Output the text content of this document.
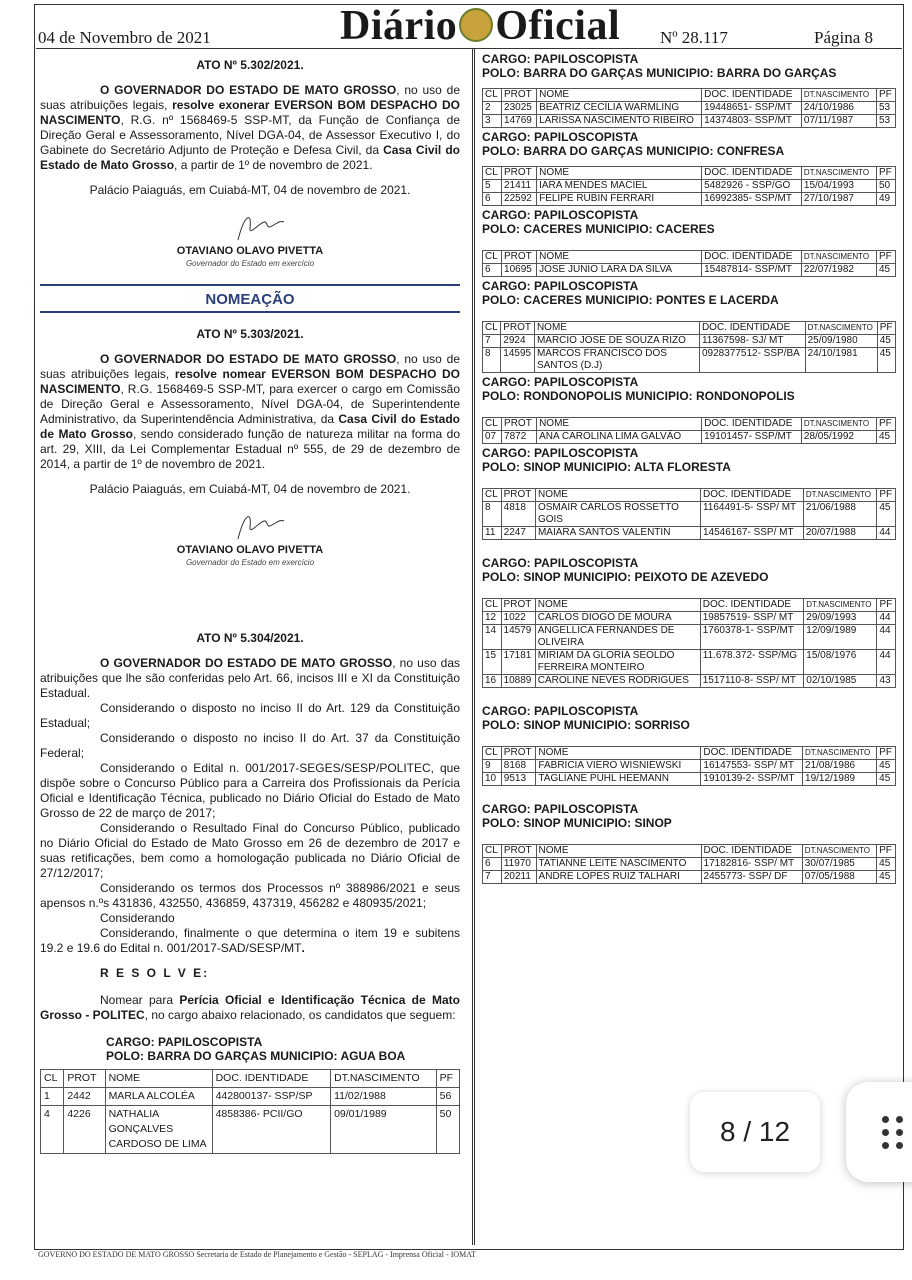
04 de Novembro de 2021	Diário Oficial Nº 28.117	Página 8
ATO Nº 5.302/2021.

O GOVERNADOR DO ESTADO DE MATO GROSSO, no uso de suas atribuições legais, resolve exonerar EVERSON BOM DESPACHO DO NASCIMENTO, R.G. nº 1568469-5 SSP-MT, da Função de Confiança de Direção Geral e Assessoramento, Nível DGA-04, de Assessor Executivo I, do Gabinete do Secretário Adjunto de Proteção e Defesa Civil, da Casa Civil do Estado de Mato Grosso, a partir de 1º de novembro de 2021.

Palácio Paiaguás, em Cuiabá-MT, 04 de novembro de 2021.
OTAVIANO OLAVO PIVETTA
Governador do Estado em exercício
NOMEAÇÃO
ATO Nº 5.303/2021.

O GOVERNADOR DO ESTADO DE MATO GROSSO, no uso de suas atribuições legais, resolve nomear EVERSON BOM DESPACHO DO NASCIMENTO, R.G. 1568469-5 SSP-MT, para exercer o cargo em Comissão de Direção Geral e Assessoramento, Nível DGA-04, de Superintendente Administrativo, da Superintendência Administrativa, da Casa Civil do Estado de Mato Grosso, sendo considerado função de natureza militar na forma do art. 29, XIII, da Lei Complementar Estadual nº 555, de 29 de dezembro de 2014, a partir de 1º de novembro de 2021.

Palácio Paiaguás, em Cuiabá-MT, 04 de novembro de 2021.
OTAVIANO OLAVO PIVETTA
Governador do Estado em exercício
ATO Nº 5.304/2021.

O GOVERNADOR DO ESTADO DE MATO GROSSO, no uso das atribuições que lhe são conferidas pelo Art. 66, incisos III e XI da Constituição Estadual.

Considerando o disposto no inciso II do Art. 129 da Constituição Estadual;

Considerando o disposto no inciso II do Art. 37 da Constituição Federal;

Considerando o Edital n. 001/2017-SEGES/SESP/POLITEC, que dispõe sobre o Concurso Público para a Carreira dos Profissionais da Perícia Oficial e Identificação Técnica, publicado no Diário Oficial do Estado de Mato Grosso de 22 de março de 2017;

Considerando o Resultado Final do Concurso Público, publicado no Diário Oficial do Estado de Mato Grosso em 26 de dezembro de 2017 e suas retificações, bem como a homologação publicada no Diário Oficial de 27/12/2017;

Considerando os termos dos Processos nº 388986/2021 e seus apensos n.ºs 431836, 432550, 436859, 437319, 456282 e 480935/2021;

Considerando

Considerando, finalmente o que determina o item 19 e subitens 19.2 e 19.6 do Edital n. 001/2017-SAD/SESP/MT.

R E S O L V E:

Nomear para Perícia Oficial e Identificação Técnica de Mato Grosso - POLITEC, no cargo abaixo relacionado, os candidatos que seguem:

CARGO: PAPILOSCOPISTA
POLO: BARRA DO GARÇAS MUNICIPIO: AGUA BOA
CL	PROT	NOME	DOC. IDENTIDADE	DT.NASCIMENTO	PF
1	2442	MARLA ALCOLÉA	442800137- SSP/SP	11/02/1988	56
4	4226	NATHALIA GONÇALVES CARDOSO DE LIMA	4858386- PCII/GO	09/01/1989	50
CARGO: PAPILOSCOPISTA
POLO: BARRA DO GARÇAS MUNICIPIO: BARRA DO GARÇAS
CL	PROT	NOME	DOC. IDENTIDADE	DT.NASCIMENTO	PF
2	23025	BEATRIZ CECÍLIA WARMLING	19448651- SSP/MT	24/10/1986	53
3	14769	LARISSA NASCIMENTO RIBEIRO	14374803- SSP/MT	07/11/1987	53
CARGO: PAPILOSCOPISTA
POLO: BARRA DO GARÇAS MUNICIPIO: CONFRESA
CL	PROT	NOME	DOC. IDENTIDADE	DT.NASCIMENTO	PF
5	21411	IARA MENDES MACIEL	5482926 - SSP/GO	15/04/1993	50
6	22592	FELIPE RUBIN FERRARI	16992385- SSP/MT	27/10/1987	49
CARGO: PAPILOSCOPISTA
POLO: CACERES MUNICIPIO: CACERES
CL	PROT	NOME	DOC. IDENTIDADE	DT.NASCIMENTO	PF
6	10695	JOSE JUNIO LARA DA SILVA	15487814- SSP/MT	22/07/1982	45
CARGO: PAPILOSCOPISTA
POLO: CACERES MUNICIPIO: PONTES E LACERDA
CL	PROT	NOME	DOC. IDENTIDADE	DT.NASCIMENTO	PF
7	2924	MARCIO JOSE DE SOUZA RIZO	11367598- SJ/ MT	25/09/1980	45
8	14595	MARCOS FRANCISCO DOS SANTOS (D.J)	0928377512- SSP/BA	24/10/1981	45
CARGO: PAPILOSCOPISTA
POLO: RONDONOPOLIS MUNICIPIO: RONDONOPOLIS
CL	PROT	NOME	DOC. IDENTIDADE	DT.NASCIMENTO	PF
07	7872	ANA CAROLINA LIMA GALVÃO	19101457- SSP/MT	28/05/1992	45
CARGO: PAPILOSCOPISTA
POLO: SINOP MUNICIPIO: ALTA FLORESTA
CL	PROT	NOME	DOC. IDENTIDADE	DT.NASCIMENTO	PF
8	4818	OSMAIR CARLOS ROSSETTO GOIS	1164491-5- SSP/ MT	21/06/1988	45
11	2247	MAIARA SANTOS VALENTIN	14546167- SSP/ MT	20/07/1988	44
CARGO: PAPILOSCOPISTA
POLO: SINOP MUNICIPIO: PEIXOTO DE AZEVEDO
CL	PROT	NOME	DOC. IDENTIDADE	DT.NASCIMENTO	PF
12	1022	CARLOS DIOGO DE MOURA	19857519- SSP/ MT	29/09/1993	44
14	14579	ANGELLICA FERNANDES DE OLIVEIRA	1760378-1- SSP/MT	12/09/1989	44
15	17181	MIRIAM DA GLORIA SEOLDO FERREIRA MONTEIRO	11.678.372- SSP/MG	15/08/1976	44
16	10889	CAROLINE NEVES RODRIGUES	1517110-8- SSP/ MT	02/10/1985	43
CARGO: PAPILOSCOPISTA
POLO: SINOP MUNICIPIO: SORRISO
CL	PROT	NOME	DOC. IDENTIDADE	DT.NASCIMENTO	PF
9	8168	FABRICIA VIERO WISNIEWSKI	16147553- SSP/ MT	21/08/1986	45
10	9513	TAGLIANE PUHL HEEMANN	1910139-2- SSP/MT	19/12/1989	45
CARGO: PAPILOSCOPISTA
POLO: SINOP MUNICIPIO: SINOP
CL	PROT	NOME	DOC. IDENTIDADE	DT.NASCIMENTO	PF
6	11970	TATIANNE LEITE NASCIMENTO	17182816- SSP/ MT	30/07/1985	45
7	20211	ANDRE LOPES RUIZ TALHARI	2455773- SSP/ DF	07/05/1988	45
GOVERNO DO ESTADO DE MATO GROSSO Secretaria de Estado de Planejamento e Gestão - SEPLAG - Imprensa Oficial - IOMAT
8 / 12
